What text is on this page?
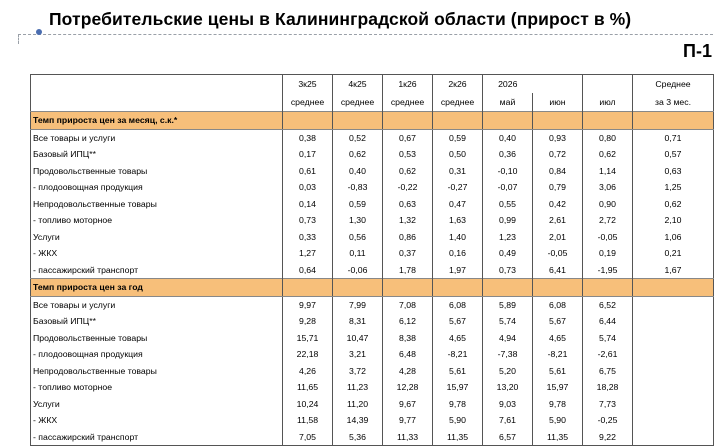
Потребительские цены в Калининградской области (прирост в %)
П-1
	3к25	4к25	1к26	2к26	2026			Среднее
	среднее	среднее	среднее	среднее	май	июн	июл	за 3 мес.
Темп прироста цен за месяц, с.к.*								
Все товары и услуги	0,38	0,52	0,67	0,59	0,40	0,93	0,80	0,71
Базовый ИПЦ**	0,17	0,62	0,53	0,50	0,36	0,72	0,62	0,57
Продовольственные товары	0,61	0,40	0,62	0,31	-0,10	0,84	1,14	0,63
- плодоовощная продукция	0,03	-0,83	-0,22	-0,27	-0,07	0,79	3,06	1,25
Непродовольственные товары	0,14	0,59	0,63	0,47	0,55	0,42	0,90	0,62
- топливо моторное	0,73	1,30	1,32	1,63	0,99	2,61	2,72	2,10
Услуги	0,33	0,56	0,86	1,40	1,23	2,01	-0,05	1,06
- ЖКХ	1,27	0,11	0,37	0,16	0,49	-0,05	0,19	0,21
- пассажирский транспорт	0,64	-0,06	1,78	1,97	0,73	6,41	-1,95	1,67
Темп прироста цен за год								
Все товары и услуги	9,97	7,99	7,08	6,08	5,89	6,08	6,52	
Базовый ИПЦ**	9,28	8,31	6,12	5,67	5,74	5,67	6,44	
Продовольственные товары	15,71	10,47	8,38	4,65	4,94	4,65	5,74	
- плодоовощная продукция	22,18	3,21	6,48	-8,21	-7,38	-8,21	-2,61	
Непродовольственные товары	4,26	3,72	4,28	5,61	5,20	5,61	6,75	
- топливо моторное	11,65	11,23	12,28	15,97	13,20	15,97	18,28	
Услуги	10,24	11,20	9,67	9,78	9,03	9,78	7,73	
- ЖКХ	11,58	14,39	9,77	5,90	7,61	5,90	-0,25	
- пассажирский транспорт	7,05	5,36	11,33	11,35	6,57	11,35	9,22	
